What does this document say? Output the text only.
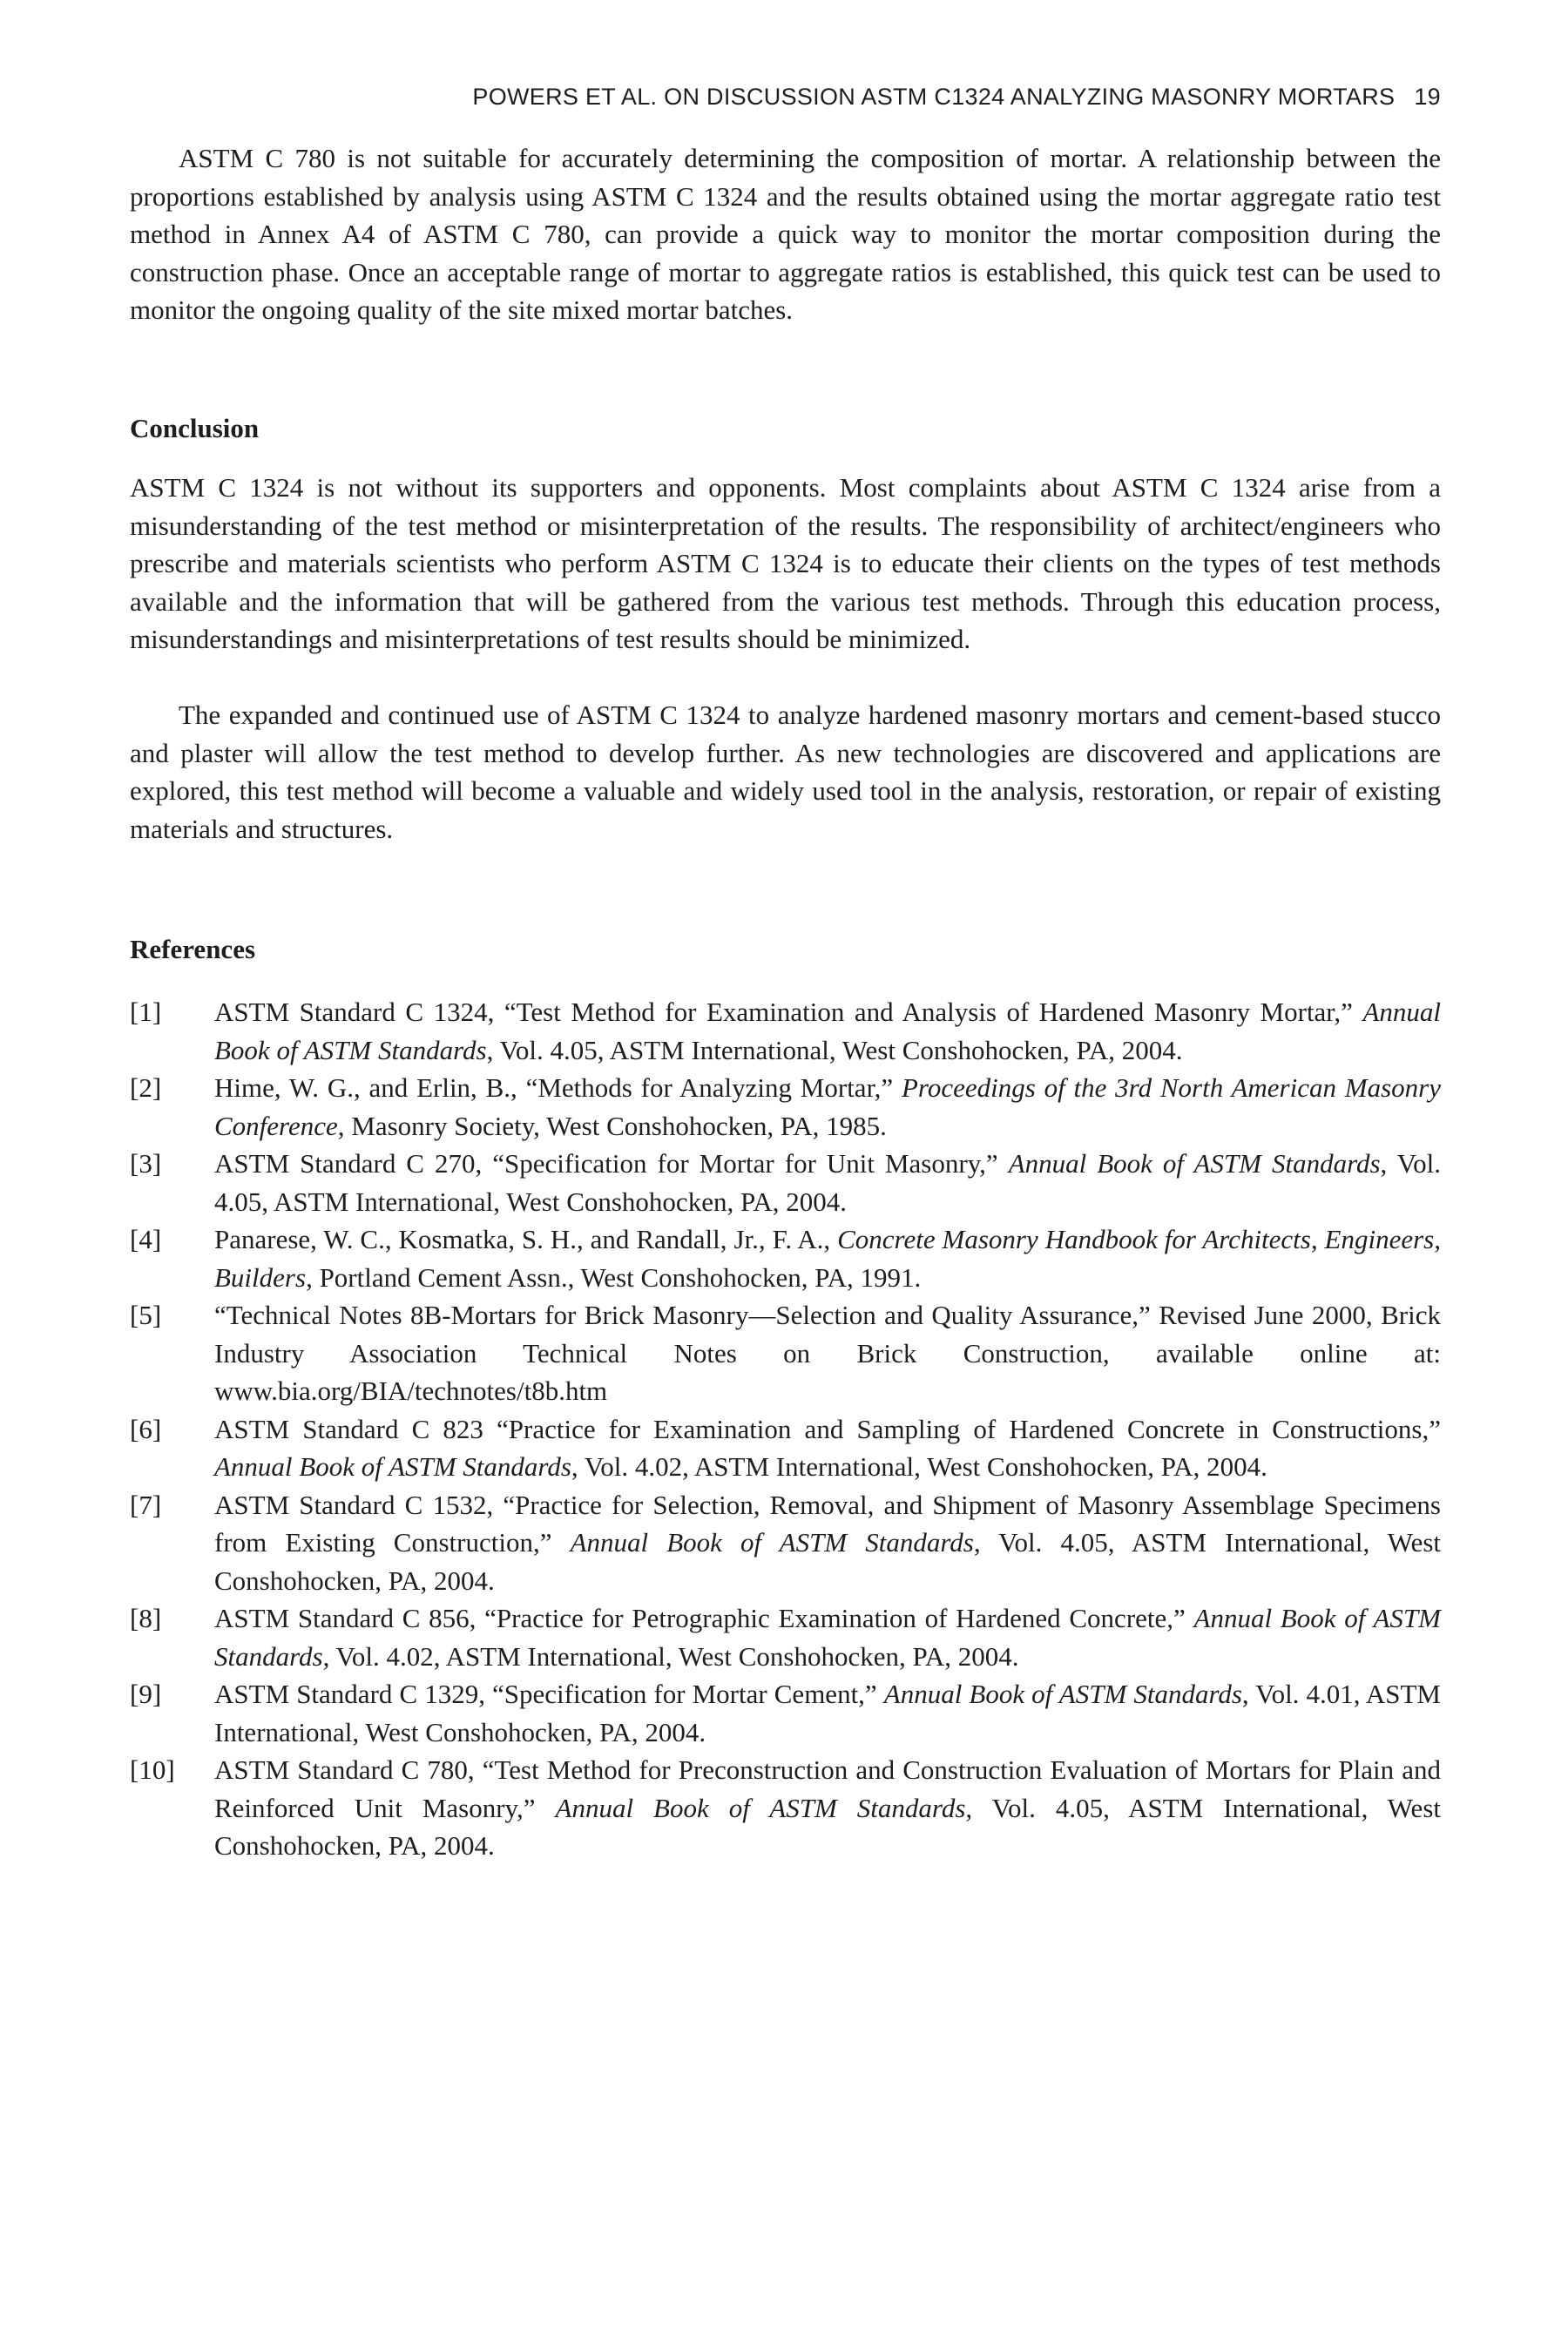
POWERS ET AL. ON DISCUSSION ASTM C1324 ANALYZING MASONRY MORTARS 19

ASTM C 780 is not suitable for accurately determining the composition of mortar. A relationship between the proportions established by analysis using ASTM C 1324 and the results obtained using the mortar aggregate ratio test method in Annex A4 of ASTM C 780, can provide a quick way to monitor the mortar composition during the construction phase. Once an acceptable range of mortar to aggregate ratios is established, this quick test can be used to monitor the ongoing quality of the site mixed mortar batches.

Conclusion

ASTM C 1324 is not without its supporters and opponents. Most complaints about ASTM C 1324 arise from a misunderstanding of the test method or misinterpretation of the results. The responsibility of architect/engineers who prescribe and materials scientists who perform ASTM C 1324 is to educate their clients on the types of test methods available and the information that will be gathered from the various test methods. Through this education process, misunderstandings and misinterpretations of test results should be minimized.

The expanded and continued use of ASTM C 1324 to analyze hardened masonry mortars and cement-based stucco and plaster will allow the test method to develop further. As new technologies are discovered and applications are explored, this test method will become a valuable and widely used tool in the analysis, restoration, or repair of existing materials and structures.

References
[1] ASTM Standard C 1324, “Test Method for Examination and Analysis of Hardened Masonry Mortar,” Annual Book of ASTM Standards, Vol. 4.05, ASTM International, West Conshohocken, PA, 2004.
[2] Hime, W. G., and Erlin, B., “Methods for Analyzing Mortar,” Proceedings of the 3rd North American Masonry Conference, Masonry Society, West Conshohocken, PA, 1985.
[3] ASTM Standard C 270, “Specification for Mortar for Unit Masonry,” Annual Book of ASTM Standards, Vol. 4.05, ASTM International, West Conshohocken, PA, 2004.
[4] Panarese, W. C., Kosmatka, S. H., and Randall, Jr., F. A., Concrete Masonry Handbook for Architects, Engineers, Builders, Portland Cement Assn., West Conshohocken, PA, 1991.
[5] “Technical Notes 8B-Mortars for Brick Masonry—Selection and Quality Assurance,” Revised June 2000, Brick Industry Association Technical Notes on Brick Construction, available online at: www.bia.org/BIA/technotes/t8b.htm
[6] ASTM Standard C 823 “Practice for Examination and Sampling of Hardened Concrete in Constructions,” Annual Book of ASTM Standards, Vol. 4.02, ASTM International, West Conshohocken, PA, 2004.
[7] ASTM Standard C 1532, “Practice for Selection, Removal, and Shipment of Masonry Assemblage Specimens from Existing Construction,” Annual Book of ASTM Standards, Vol. 4.05, ASTM International, West Conshohocken, PA, 2004.
[8] ASTM Standard C 856, “Practice for Petrographic Examination of Hardened Concrete,” Annual Book of ASTM Standards, Vol. 4.02, ASTM International, West Conshohocken, PA, 2004.
[9] ASTM Standard C 1329, “Specification for Mortar Cement,” Annual Book of ASTM Standards, Vol. 4.01, ASTM International, West Conshohocken, PA, 2004.
[10] ASTM Standard C 780, “Test Method for Preconstruction and Construction Evaluation of Mortars for Plain and Reinforced Unit Masonry,” Annual Book of ASTM Standards, Vol. 4.05, ASTM International, West Conshohocken, PA, 2004.
